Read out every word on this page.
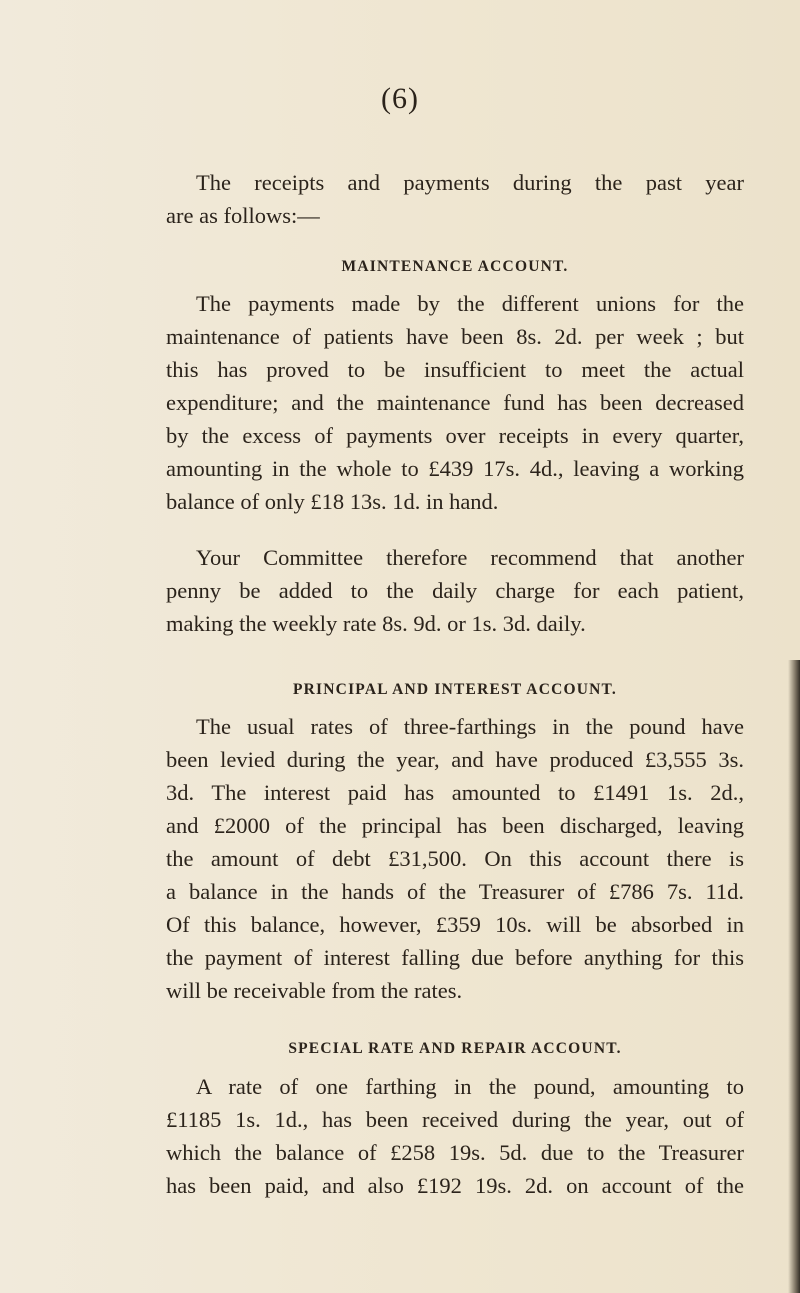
(6)

The receipts and payments during the past year
are as follows:—

MAINTENANCE ACCOUNT.

The payments made by the different unions for the
maintenance of patients have been 8s. 2d. per week ; but
this has proved to be insufficient to meet the actual
expenditure; and the maintenance fund has been decreased
by the excess of payments over receipts in every quarter,
amounting in the whole to £439 17s. 4d., leaving a working
balance of only £18 13s. 1d. in hand.

Your Committee therefore recommend that another
penny be added to the daily charge for each patient,
making the weekly rate 8s. 9d. or 1s. 3d. daily.

PRINCIPAL AND INTEREST ACCOUNT.

The usual rates of three-farthings in the pound have
been levied during the year, and have produced £3,555 3s.
3d. The interest paid has amounted to £1491 1s. 2d.,
and £2000 of the principal has been discharged, leaving
the amount of debt £31,500. On this account there is
a balance in the hands of the Treasurer of £786 7s. 11d.
Of this balance, however, £359 10s. will be absorbed in
the payment of interest falling due before anything for this
will be receivable from the rates.

SPECIAL RATE AND REPAIR ACCOUNT.

A rate of one farthing in the pound, amounting to
£1185 1s. 1d., has been received during the year, out of
which the balance of £258 19s. 5d. due to the Treasurer
has been paid, and also £192 19s. 2d. on account of the
